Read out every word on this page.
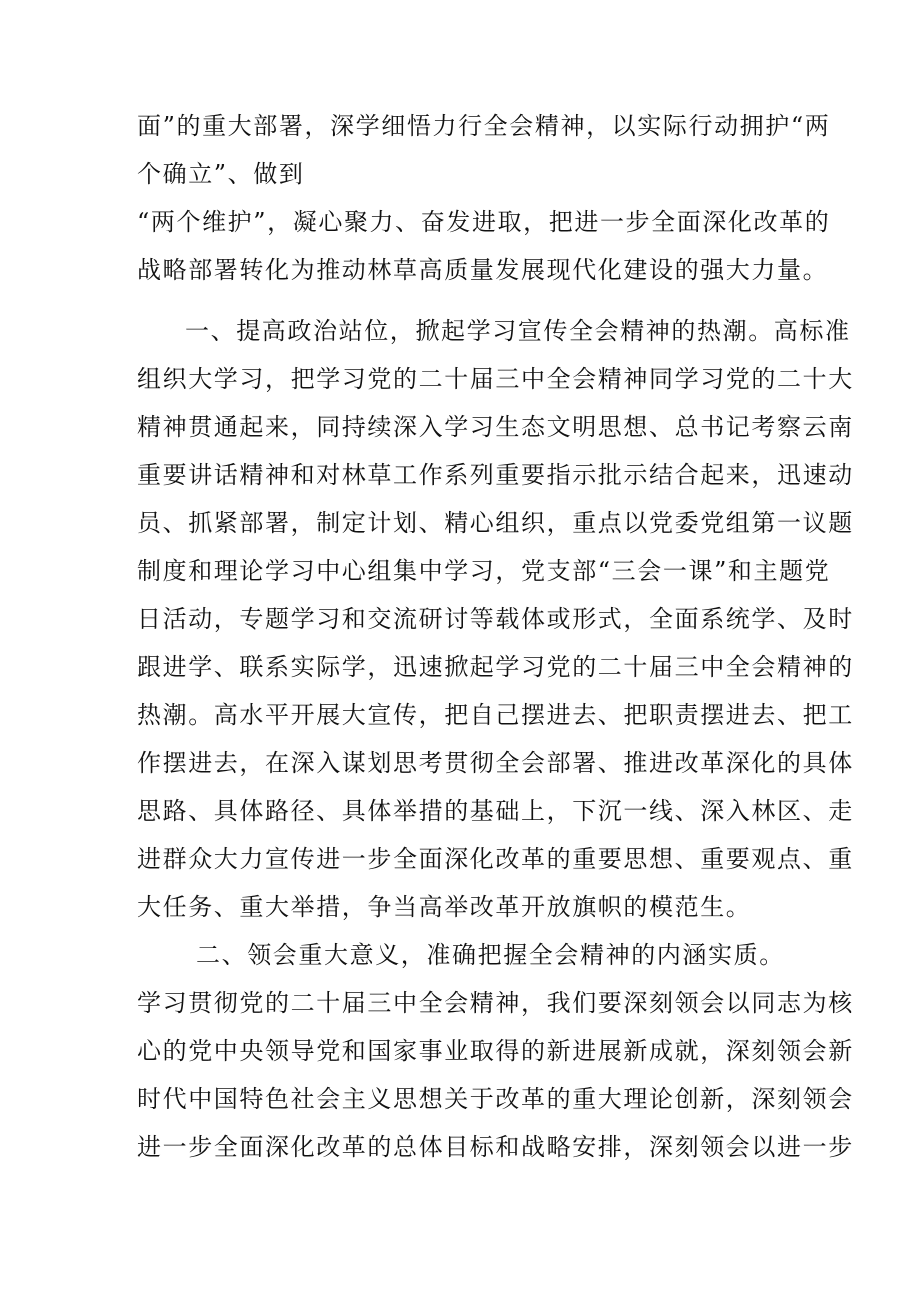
面”的重大部署，深学细悟力行全会精神，以实际行动拥护“两
个确立”、做到
“两个维护”，凝心聚力、奋发进取，把进一步全面深化改革的
战略部署转化为推动林草高质量发展现代化建设的强大力量。
一、提高政治站位，掀起学习宣传全会精神的热潮。高标准
组织大学习，把学习党的二十届三中全会精神同学习党的二十大
精神贯通起来，同持续深入学习生态文明思想、总书记考察云南
重要讲话精神和对林草工作系列重要指示批示结合起来，迅速动
员、抓紧部署，制定计划、精心组织，重点以党委党组第一议题
制度和理论学习中心组集中学习，党支部“三会一课”和主题党
日活动，专题学习和交流研讨等载体或形式，全面系统学、及时
跟进学、联系实际学，迅速掀起学习党的二十届三中全会精神的
热潮。高水平开展大宣传，把自己摆进去、把职责摆进去、把工
作摆进去，在深入谋划思考贯彻全会部署、推进改革深化的具体
思路、具体路径、具体举措的基础上，下沉一线、深入林区、走
进群众大力宣传进一步全面深化改革的重要思想、重要观点、重
大任务、重大举措，争当高举改革开放旗帜的模范生。
二、领会重大意义，准确把握全会精神的内涵实质。
学习贯彻党的二十届三中全会精神，我们要深刻领会以同志为核
心的党中央领导党和国家事业取得的新进展新成就，深刻领会新
时代中国特色社会主义思想关于改革的重大理论创新，深刻领会
进一步全面深化改革的总体目标和战略安排，深刻领会以进一步
